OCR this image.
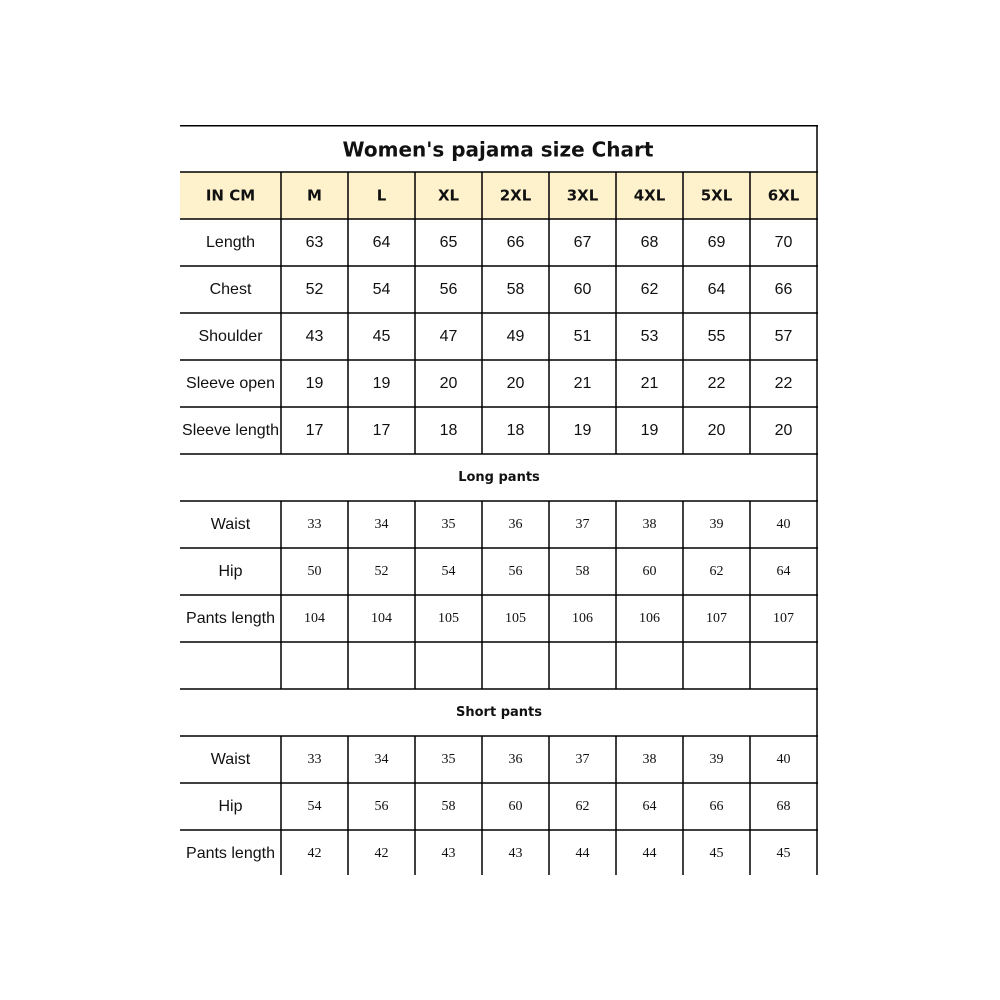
Women's pajama size Chart
IN CM	M	L	XL	2XL 3XL 4XL 5XL 6XL
Length	63	64	65	66	67	68	69	70
Chest	52	54	56	58	60	62	64	66
Shoulder	43	45	47	49	51	53	55	57
Sleeve open 19	19	20	20	21	21	22	22
Sleeve length 17	17	18	18	19	19	20	20
Long pants
Waist	33	34	35	36	37	38	39	40
Hip	50	52	54	56	58	60	62	64
Pants length 104	104	105	105	106	106	107	107
Short pants
Waist	33	34	35	36	37	38	39	40
Hip	54	56	58	60	62	64	66	68
Pants length 42	42	43	43	44	44	45	45
